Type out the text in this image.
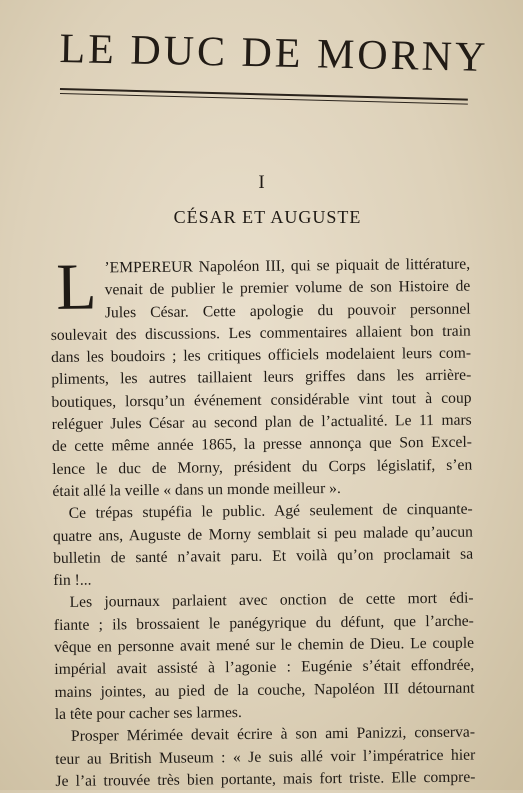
LE DUC DE MORNY
I
CÉSAR ET AUGUSTE
L ’EMPEREUR Napoléon III, qui se piquait de littérature,
venait de publier le premier volume de son Histoire de
Jules César. Cette apologie du pouvoir personnel
soulevait des discussions. Les commentaires allaient bon train
dans les boudoirs ; les critiques officiels modelaient leurs com-
pliments, les autres taillaient leurs griffes dans les arrière-
boutiques, lorsqu’un événement considérable vint tout à coup
reléguer Jules César au second plan de l’actualité. Le 11 mars
de cette même année 1865, la presse annonça que Son Excel-
lence le duc de Morny, président du Corps législatif, s’en
était allé la veille « dans un monde meilleur ».
Ce trépas stupéfia le public. Agé seulement de cinquante-
quatre ans, Auguste de Morny semblait si peu malade qu’aucun
bulletin de santé n’avait paru. Et voilà qu’on proclamait sa
fin !...
Les journaux parlaient avec onction de cette mort édi-
fiante ; ils brossaient le panégyrique du défunt, que l’arche-
vêque en personne avait mené sur le chemin de Dieu. Le couple
impérial avait assisté à l’agonie : Eugénie s’était effondrée,
mains jointes, au pied de la couche, Napoléon III détournant
la tête pour cacher ses larmes.
Prosper Mérimée devait écrire à son ami Panizzi, conserva-
teur au British Museum : « Je suis allé voir l’impératrice hier
Je l’ai trouvée très bien portante, mais fort triste. Elle compre-
